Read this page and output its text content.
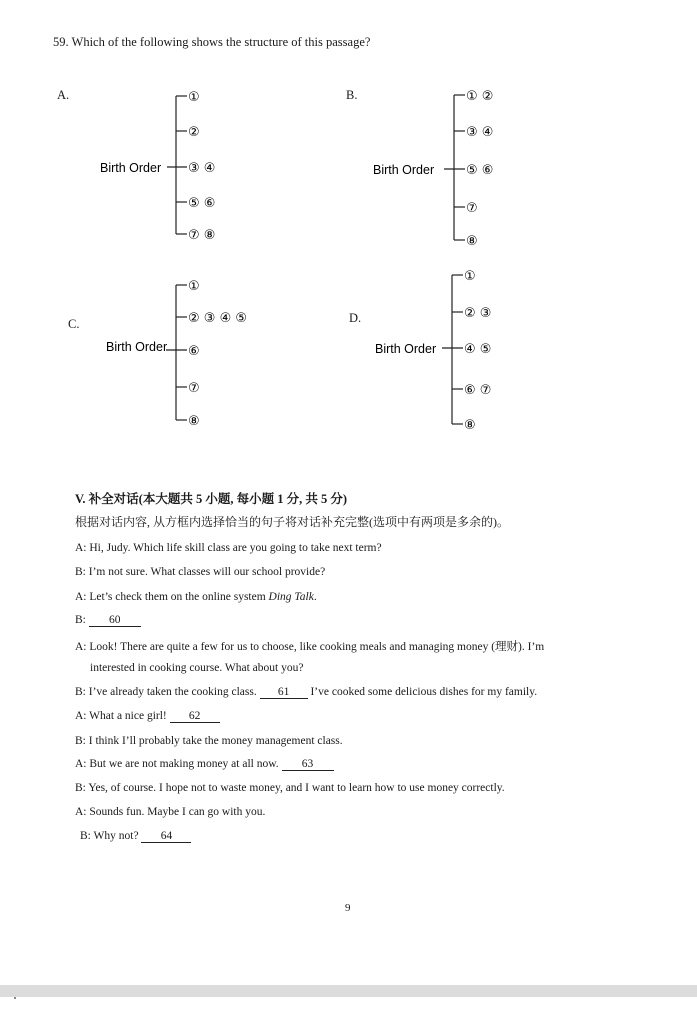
59. Which of the following shows the structure of this passage?
A.
Birth Order
①
②
③ ④
⑤ ⑥
⑦ ⑧
B.
Birth Order
① ②
③ ④
⑤ ⑥
⑦
⑧
C.
Birth Order
①
② ③ ④ ⑤
⑥
⑦
⑧
D.
Birth Order
①
② ③
④ ⑤
⑥ ⑦
⑧
V. 补全对话(本大题共 5 小题, 每小题 1 分, 共 5 分)
根据对话内容, 从方框内选择恰当的句子将对话补充完整(选项中有两项是多余的)。
A: Hi, Judy. Which life skill class are you going to take next term?
B: I’m not sure. What classes will our school provide?
A: Let’s check them on the online system Ding Talk.
B: 60
A: Look! There are quite a few for us to choose, like cooking meals and managing money (理财). I’m
interested in cooking course. What about you?
B: I’ve already taken the cooking class. 61 I’ve cooked some delicious dishes for my family.
A: What a nice girl! 62
B: I think I’ll probably take the money management class.
A: But we are not making money at all now. 63
B: Yes, of course. I hope not to waste money, and I want to learn how to use money correctly.
A: Sounds fun. Maybe I can go with you.
B: Why not? 64
9
